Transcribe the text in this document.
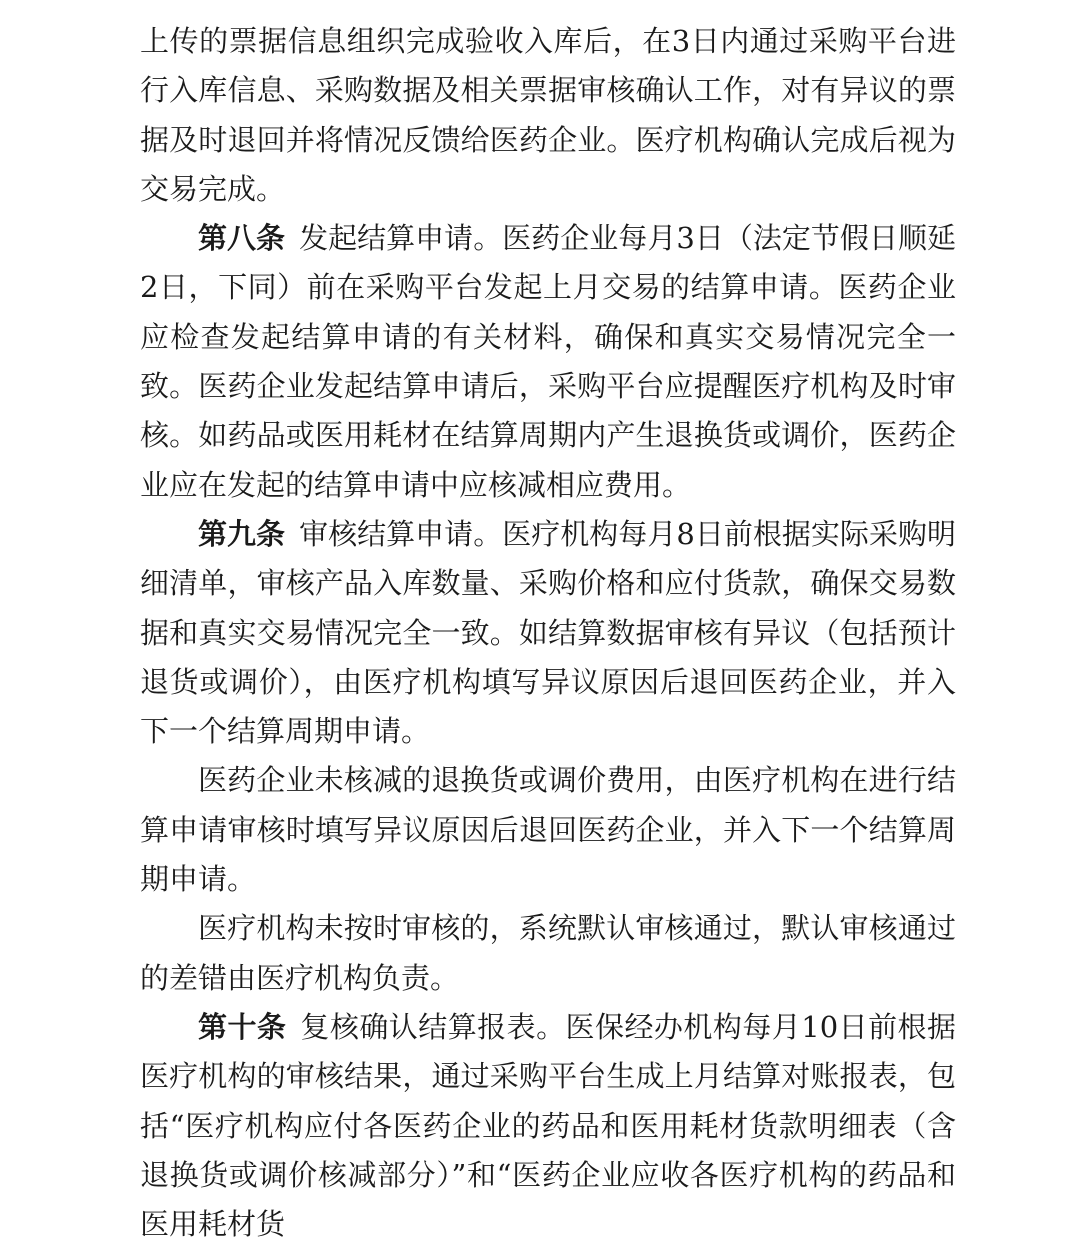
上传的票据信息组织完成验收入库后，在3日内通过采购平台进行入库信息、采购数据及相关票据审核确认工作，对有异议的票据及时退回并将情况反馈给医药企业。医疗机构确认完成后视为交易完成。

第八条 发起结算申请。医药企业每月3日（法定节假日顺延2日，下同）前在采购平台发起上月交易的结算申请。医药企业应检查发起结算申请的有关材料，确保和真实交易情况完全一致。医药企业发起结算申请后，采购平台应提醒医疗机构及时审核。如药品或医用耗材在结算周期内产生退换货或调价，医药企业应在发起的结算申请中应核减相应费用。

第九条 审核结算申请。医疗机构每月8日前根据实际采购明细清单，审核产品入库数量、采购价格和应付货款，确保交易数据和真实交易情况完全一致。如结算数据审核有异议（包括预计退货或调价），由医疗机构填写异议原因后退回医药企业，并入下一个结算周期申请。

医药企业未核减的退换货或调价费用，由医疗机构在进行结算申请审核时填写异议原因后退回医药企业，并入下一个结算周期申请。

医疗机构未按时审核的，系统默认审核通过，默认审核通过的差错由医疗机构负责。

第十条 复核确认结算报表。医保经办机构每月10日前根据医疗机构的审核结果，通过采购平台生成上月结算对账报表，包括“医疗机构应付各医药企业的药品和医用耗材货款明细表（含退换货或调价核减部分）”和“医药企业应收各医疗机构的药品和医用耗材货
